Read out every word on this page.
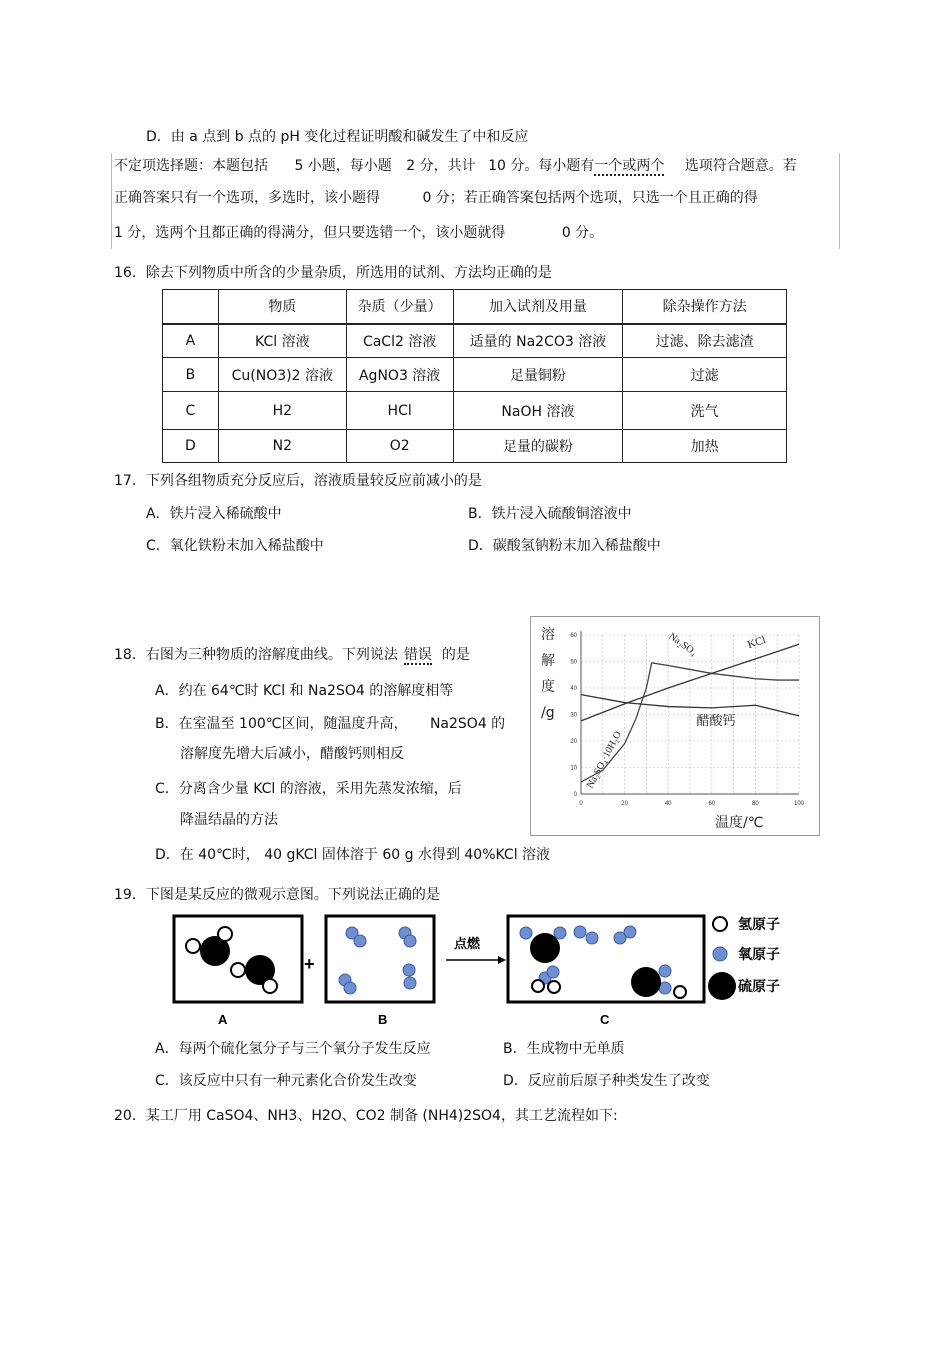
D．由 a 点到 b 点的 pH 变化过程证明酸和碱发生了中和反应
不定项选择题：本题包括 5 小题，每小题 2 分，共计 10 分。每小题有一个或两个 选项符合题意。若
正确答案只有一个选项，多选时，该小题得	0 分；若正确答案包括两个选项，只选一个且正确的得
1 分，选两个且都正确的得满分，但只要选错一个，该小题就得	0 分。
16．除去下列物质中所含的少量杂质，所选用的试剂、方法均正确的是
	物质	杂质（少量）	加入试剂及用量	除杂操作方法
A	KCl 溶液	CaCl2 溶液	适量的 Na2CO3 溶液	过滤、除去滤渣
B	Cu(NO3)2 溶液	AgNO3 溶液	足量铜粉	过滤
C	H2	HCl	NaOH 溶液	洗气
D	N2	O2	足量的碳粉	加热
17．下列各组物质充分反应后，溶液质量较反应前减小的是
A．铁片浸入稀硫酸中	B．铁片浸入硫酸铜溶液中
C．氧化铁粉末加入稀盐酸中	D．碳酸氢钠粉末加入稀盐酸中
18．右图为三种物质的溶解度曲线。下列说法 错误 的是
A．约在 64℃时 KCl 和 Na2SO4 的溶解度相等
B．在室温至 100℃区间，随温度升高， Na2SO4 的
溶解度先增大后减小，醋酸钙则相反
C．分离含少量 KCl 的溶液，采用先蒸发浓缩，后
降温结晶的方法
D．在 40℃时， 40 gKCl 固体溶于 60 g 水得到 40%KCl 溶液
0	20	40	60	80	100
0
10
20
30
40
50
60
溶
解
度
/g
温度/℃
Na₂SO₄·10H₂O
Na₂SO₄	KCl
醋酸钙
19．下图是某反应的微观示意图。下列说法正确的是
+
点燃
A	B	C
氢原子
氧原子
硫原子
A．每两个硫化氢分子与三个氧分子发生反应	B．生成物中无单质
C．该反应中只有一种元素化合价发生改变	D．反应前后原子种类发生了改变
20．某工厂用 CaSO4、NH3、H2O、CO2 制备 (NH4)2SO4，其工艺流程如下:
